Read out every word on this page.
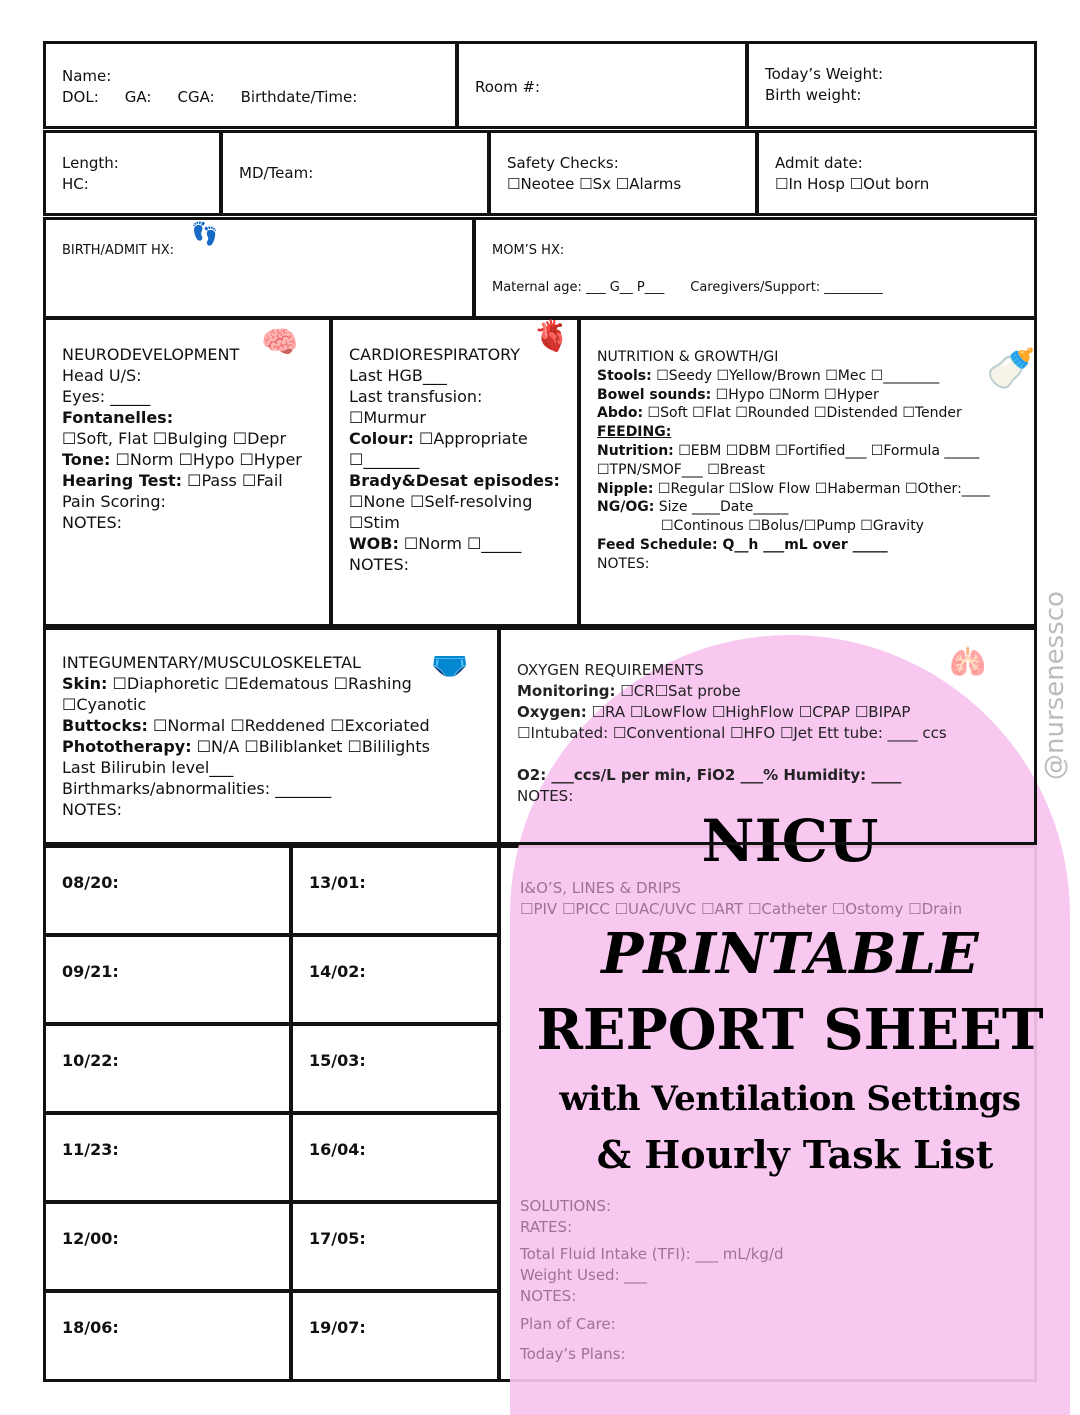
Name:
DOL: GA: CGA: Birthdate/Time:
Room #:
Today’s Weight:
Birth weight:
Length:
HC:
MD/Team:
Safety Checks:
☐Neotee ☐Sx ☐Alarms
Admit date:
☐In Hosp ☐Out born
BIRTH/ADMIT HX:
👣
MOM’S HX:
Maternal age: ___ G__ P___ Caregivers/Support: _________
🧠
NEURODEVELOPMENT
Head U/S:
Eyes: _____
Fontanelles:
☐Soft, Flat ☐Bulging ☐Depr
Tone: ☐Norm ☐Hypo ☐Hyper
Hearing Test: ☐Pass ☐Fail
Pain Scoring:
NOTES:
🫀
CARDIORESPIRATORY
Last HGB___
Last transfusion:
☐Murmur
Colour: ☐Appropriate
☐_______
Brady&Desat episodes:
☐None ☐Self-resolving
☐Stim
WOB: ☐Norm ☐_____
NOTES:
🍼
NUTRITION & GROWTH/GI
Stools: ☐Seedy ☐Yellow/Brown ☐Mec ☐________
Bowel sounds: ☐Hypo ☐Norm ☐Hyper
Abdo: ☐Soft ☐Flat ☐Rounded ☐Distended ☐Tender
FEEDING:
Nutrition: ☐EBM ☐DBM ☐Fortified___ ☐Formula _____
☐TPN/SMOF___ ☐Breast
Nipple: ☐Regular ☐Slow Flow ☐Haberman ☐Other:____
NG/OG: Size ____Date_____
☐Continous ☐Bolus/☐Pump ☐Gravity
Feed Schedule: Q__h ___mL over _____
NOTES:
🩲
INTEGUMENTARY/MUSCULOSKELETAL
Skin: ☐Diaphoretic ☐Edematous ☐Rashing
☐Cyanotic
Buttocks: ☐Normal ☐Reddened ☐Excoriated
Phototherapy: ☐N/A ☐Biliblanket ☐Bililights
Last Bilirubin level___
Birthmarks/abnormalities: _______
NOTES:
08/20:	13/01:
09/21:	14/02:
10/22:	15/03:
11/23:	16/04:
12/00:	17/05:
18/06:	19/07:
🫁
OXYGEN REQUIREMENTS
Monitoring: ☐CR☐Sat probe
Oxygen: ☐RA ☐LowFlow ☐HighFlow ☐CPAP ☐BIPAP
☐Intubated: ☐Conventional ☐HFO ☐Jet Ett tube: ____ ccs
O2: ___ccs/L per min, FiO2 ___% Humidity: ____
NOTES:
I&O’S, LINES & DRIPS
☐PIV ☐PICC ☐UAC/UVC ☐ART ☐Catheter ☐Ostomy ☐Drain
SOLUTIONS:
RATES:
Total Fluid Intake (TFI): ___ mL/kg/d
Weight Used: ___
NOTES:
Plan of Care:
Today’s Plans:
NICU
PRINTABLE
REPORT SHEET
with Ventilation Settings
& Hourly Task List
@nursenessco
